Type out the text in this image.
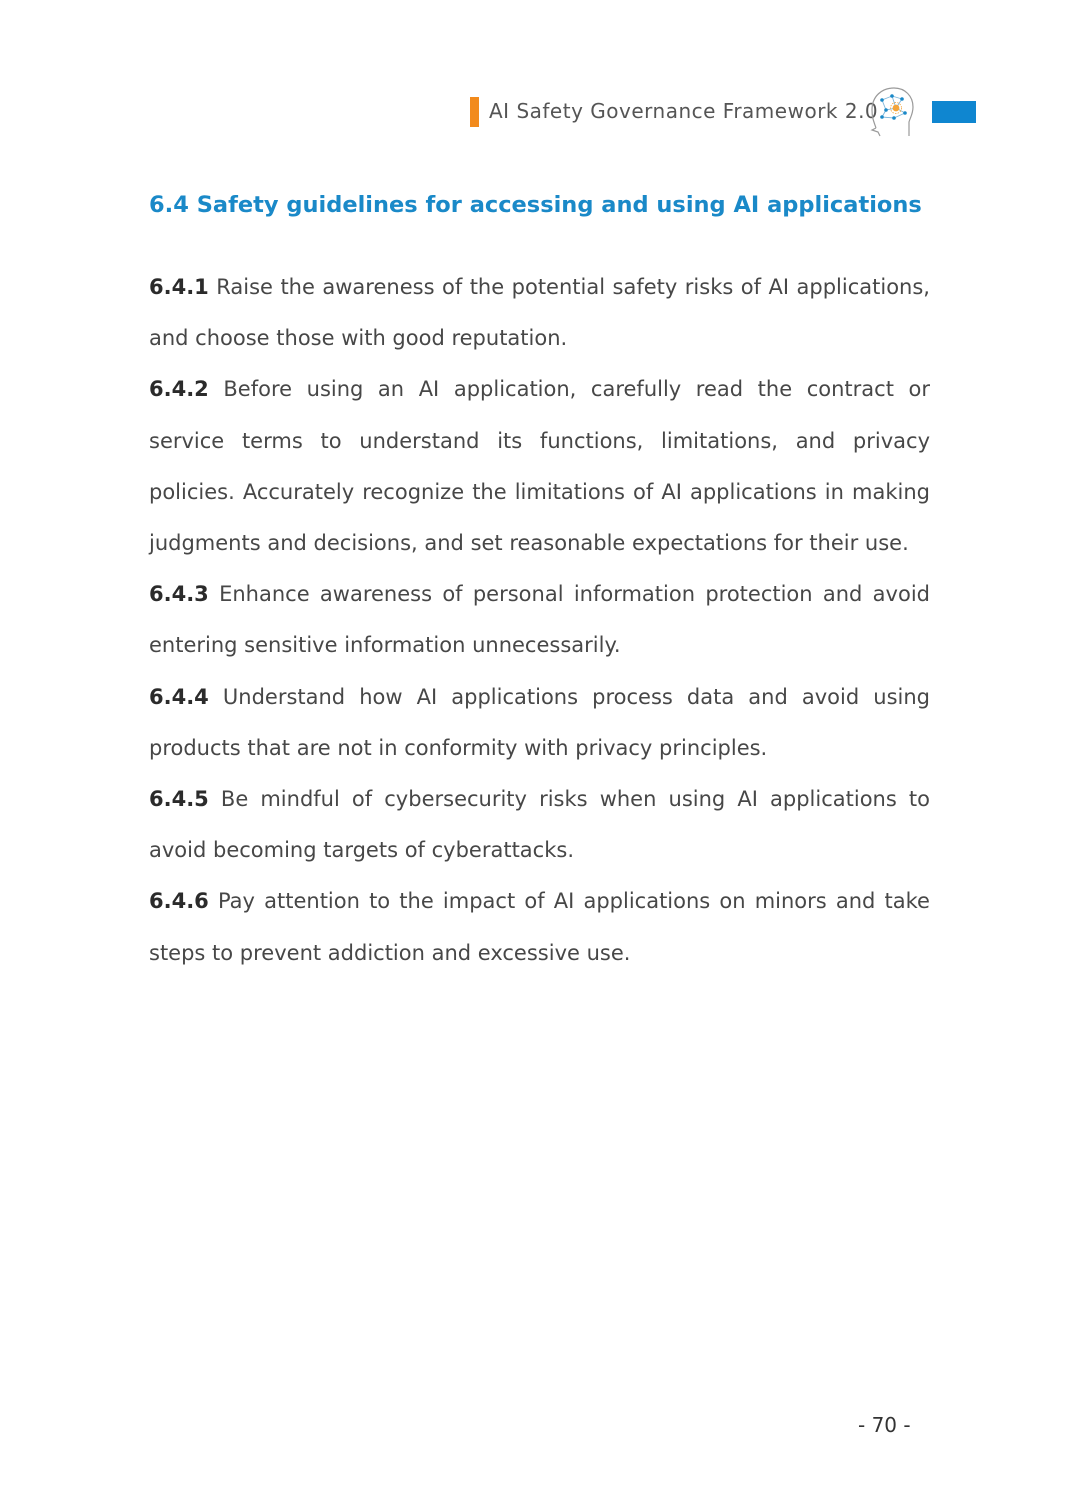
AI Safety Governance Framework 2.0
6.4 Safety guidelines for accessing and using AI applications

6.4.1 Raise the awareness of the potential safety risks of AI applications, and choose those with good reputation.

6.4.2 Before using an AI application, carefully read the contract or service terms to understand its functions, limitations, and privacy policies. Accurately recognize the limitations of AI applications in making judgments and decisions, and set reasonable expectations for their use.

6.4.3 Enhance awareness of personal information protection and avoid entering sensitive information unnecessarily.

6.4.4 Understand how AI applications process data and avoid using products that are not in conformity with privacy principles.

6.4.5 Be mindful of cybersecurity risks when using AI applications to avoid becoming targets of cyberattacks.

6.4.6 Pay attention to the impact of AI applications on minors and take steps to prevent addiction and excessive use.

- 70 -
